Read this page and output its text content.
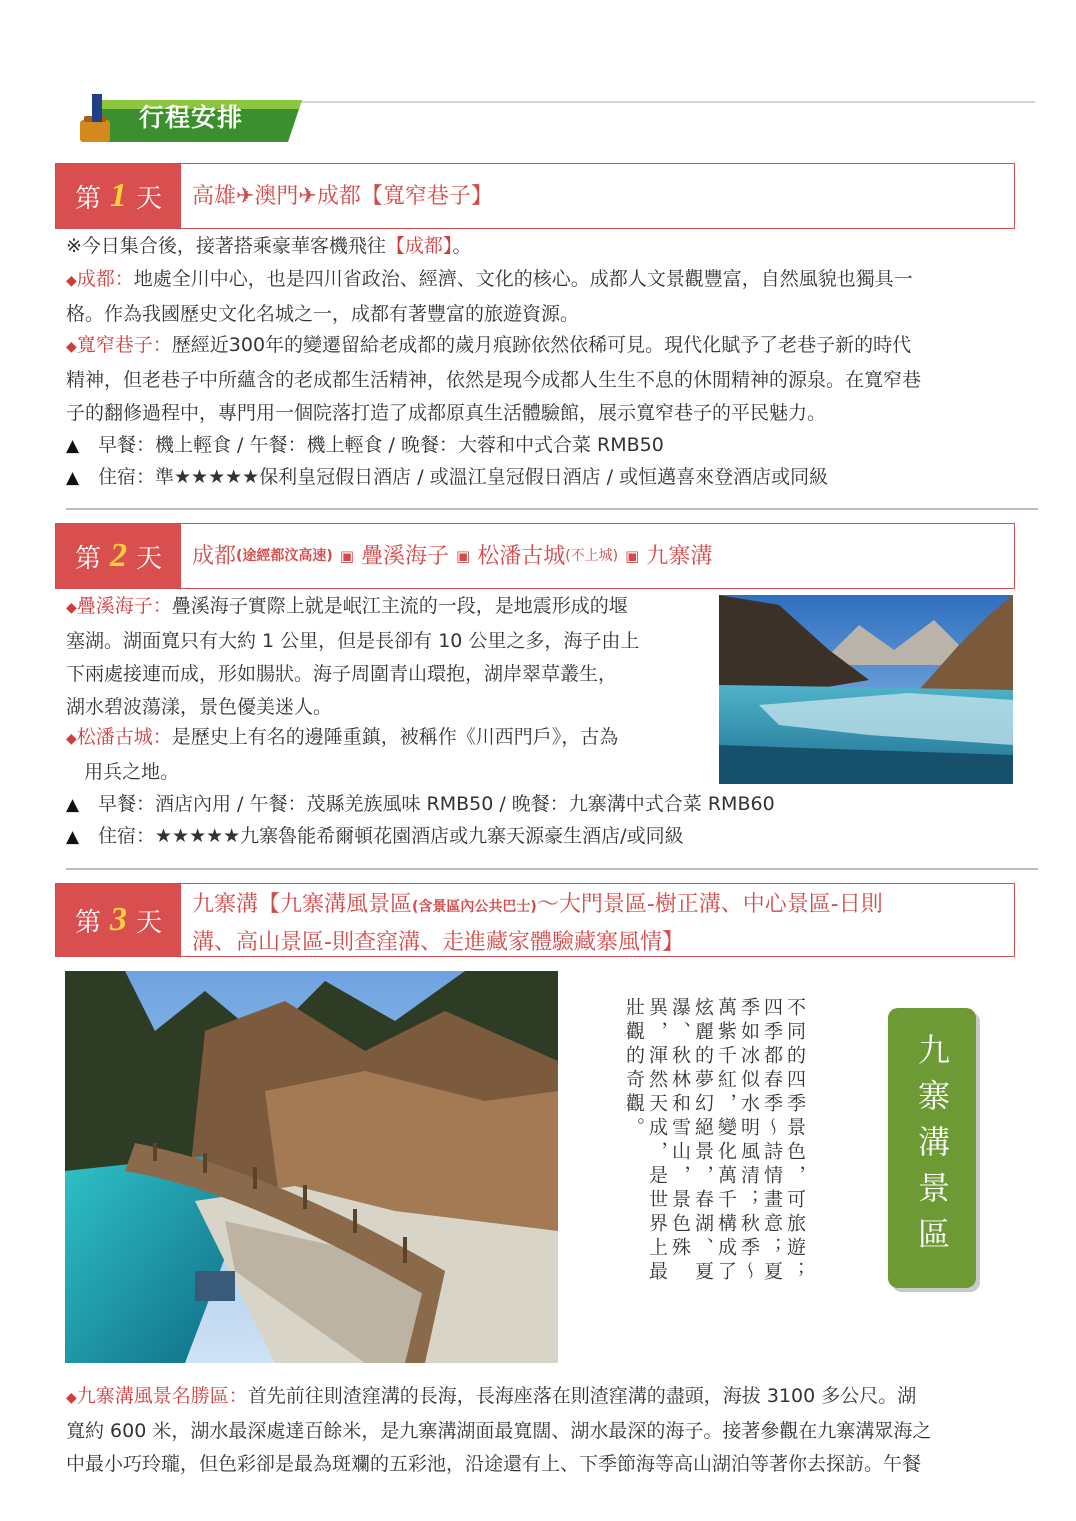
行程安排
第 1 天 高雄✈澳門✈成都【寬窄巷子】
※今日集合後，接著搭乘豪華客機飛往【成都】。
◆成都：地處全川中心，也是四川省政治、經濟、文化的核心。成都人文景觀豐富，自然風貌也獨具一
格。作為我國歷史文化名城之一，成都有著豐富的旅遊資源。
◆寬窄巷子：歷經近300年的變遷留給老成都的歲月痕跡依然依稀可見。現代化賦予了老巷子新的時代
精神，但老巷子中所蘊含的老成都生活精神，依然是現今成都人生生不息的休閒精神的源泉。在寬窄巷
子的翻修過程中，專門用一個院落打造了成都原真生活體驗館，展示寬窄巷子的平民魅力。
▲ 早餐：機上輕食 / 午餐：機上輕食 / 晚餐：大蓉和中式合菜 RMB50
▲ 住宿：準★★★★★保利皇冠假日酒店 / 或溫江皇冠假日酒店 / 或恒邁喜來登酒店或同級
第 2 天 成都 (途經都汶高速)
▣
疊溪海子
▣
松潘古城 (不上城)
▣
九寨溝
◆疊溪海子：疊溪海子實際上就是岷江主流的一段，是地震形成的堰
塞湖。湖面寬只有大約 1 公里，但是長卻有 10 公里之多，海子由上
下兩處接連而成，形如腸狀。海子周圍青山環抱，湖岸翠草叢生，
湖水碧波蕩漾，景色優美迷人。
◆松潘古城：是歷史上有名的邊陲重鎮，被稱作《川西門戶》，古為
用兵之地。
▲ 早餐：酒店內用 / 午餐：茂縣羌族風味 RMB50 / 晚餐：九寨溝中式合菜 RMB60
▲ 住宿：★★★★★九寨魯能希爾頓花園酒店或九寨天源豪生酒店/或同級
第 3 天
九寨溝【九寨溝風景區(含景區內公共巴士)～大門景區-樹正溝、中心景區-日則
溝、高山景區-則查窪溝、走進藏家體驗藏寨風情】
不同的四季景色，可旅遊；四季都春季～詩情畫意；夏季如冰似水明風清；秋季～萬紫千紅，變化萬千構成了炫麗的夢幻絕景，春湖、夏瀑、秋林和雪山，景色殊異，渾然天成，是世界上最壯觀的奇觀。	九寨溝景區
◆九寨溝風景名勝區：首先前往則渣窪溝的長海，長海座落在則渣窪溝的盡頭，海拔 3100 多公尺。湖
寬約 600 米，湖水最深處達百餘米，是九寨溝湖面最寬闊、湖水最深的海子。接著參觀在九寨溝眾海之
中最小巧玲瓏，但色彩卻是最為斑斕的五彩池，沿途還有上、下季節海等高山湖泊等著你去探訪。午餐
